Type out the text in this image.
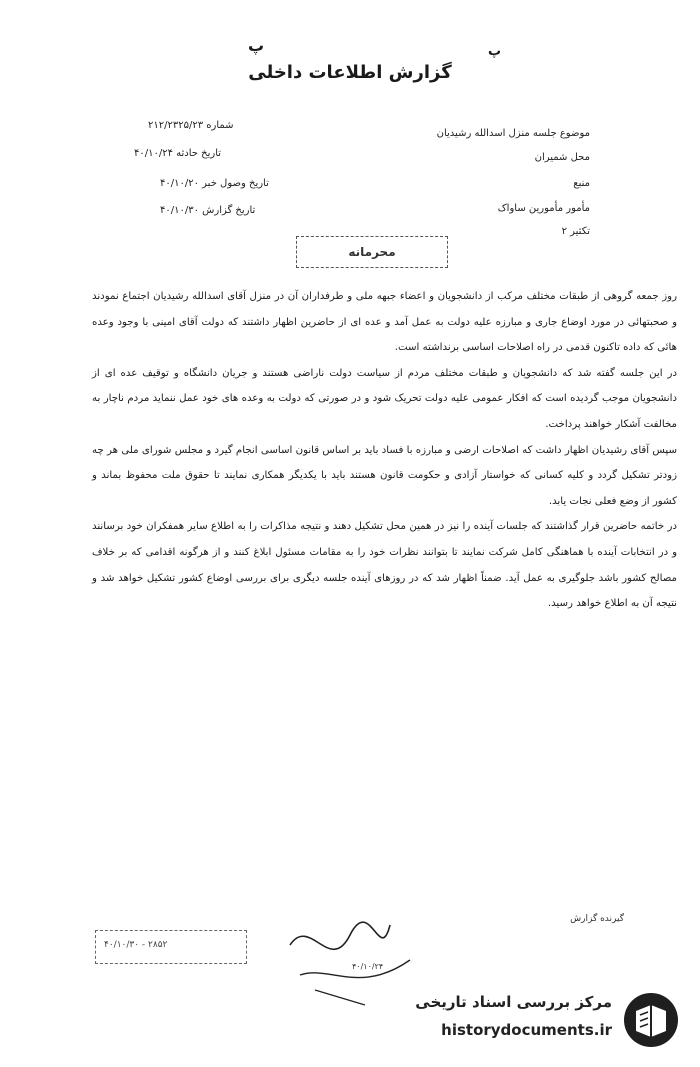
پ	پ
گزارش اطلاعات داخلی
شماره ۲۱۲/۲۳۲۵/۲۳
تاریخ حادثه ۴۰/۱۰/۲۴
تاریخ وصول خبر ۴۰/۱۰/۲۰
تاریخ گزارش ۴۰/۱۰/۳۰
موضوع جلسه منزل اسدالله رشیدیان
محل شمیران
منبع
مأمور مأمورین ساواک
تکثیر ۲
محرمانه

روز جمعه گروهی از طبقات مختلف مرکب از دانشجویان و اعضاء جبهه ملی و طرفداران آن در منزل آقای اسدالله رشیدیان اجتماع نمودند و صحبتهائی در مورد اوضاع جاری و مبارزه علیه دولت به عمل آمد و عده ای از حاضرین اظهار داشتند که دولت آقای امینی با وجود وعده هائی که داده تاکنون قدمی در راه اصلاحات اساسی برنداشته است.

در این جلسه گفته شد که دانشجویان و طبقات مختلف مردم از سیاست دولت ناراضی هستند و جریان دانشگاه و توقیف عده ای از دانشجویان موجب گردیده است که افکار عمومی علیه دولت تحریک شود و در صورتی که دولت به وعده های خود عمل ننماید مردم ناچار به مخالفت آشکار خواهند پرداخت.

سپس آقای رشیدیان اظهار داشت که اصلاحات ارضی و مبارزه با فساد باید بر اساس قانون اساسی انجام گیرد و مجلس شورای ملی هر چه زودتر تشکیل گردد و کلیه کسانی که خواستار آزادی و حکومت قانون هستند باید با یکدیگر همکاری نمایند تا حقوق ملت محفوظ بماند و کشور از وضع فعلی نجات یابد.

در خاتمه حاضرین قرار گذاشتند که جلسات آینده را نیز در همین محل تشکیل دهند و نتیجه مذاکرات را به اطلاع سایر همفکران خود برسانند و در انتخابات آینده با هماهنگی کامل شرکت نمایند تا بتوانند نظرات خود را به مقامات مسئول ابلاغ کنند و از هرگونه اقدامی که بر خلاف مصالح کشور باشد جلوگیری به عمل آید. ضمناً اظهار شد که در روزهای آینده جلسه دیگری برای بررسی اوضاع کشور تشکیل خواهد شد و نتیجه آن به اطلاع خواهد رسید.

گیرنده گزارش
۴۰/۱۰/۳۰ - ۲۸۵۲
۴۰/۱۰/۲۴
مرکز بررسی اسناد تاریخی
historydocuments.ir
